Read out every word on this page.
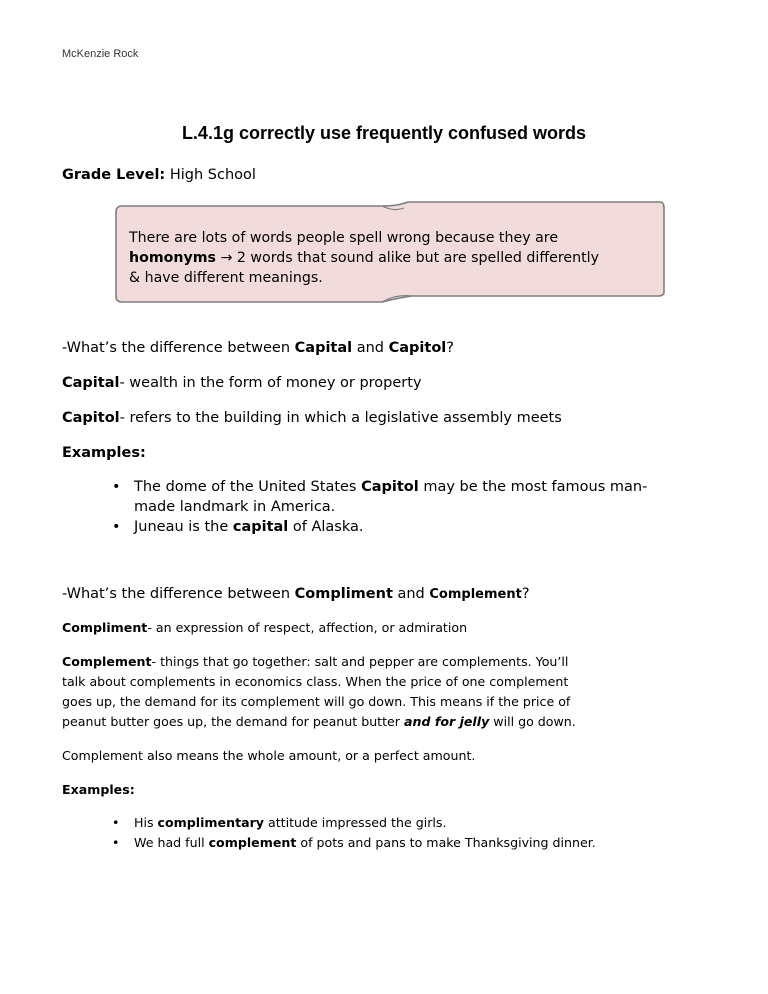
McKenzie Rock
L.4.1g correctly use frequently confused words
Grade Level: High School
There are lots of words people spell wrong because they are
homonyms → 2 words that sound alike but are spelled differently
& have different meanings.
-What’s the difference between Capital and Capitol?
Capital- wealth in the form of money or property
Capitol- refers to the building in which a legislative assembly meets
Examples:
• The dome of the United States Capitol may be the most famous man-
made landmark in America.
• Juneau is the capital of Alaska.
-What’s the difference between Compliment and Complement?
Compliment- an expression of respect, affection, or admiration
Complement- things that go together: salt and pepper are complements. You’ll
talk about complements in economics class. When the price of one complement
goes up, the demand for its complement will go down. This means if the price of
peanut butter goes up, the demand for peanut butter and for jelly will go down.
Complement also means the whole amount, or a perfect amount.
Examples:
• His complimentary attitude impressed the girls.
• We had full complement of pots and pans to make Thanksgiving dinner.
